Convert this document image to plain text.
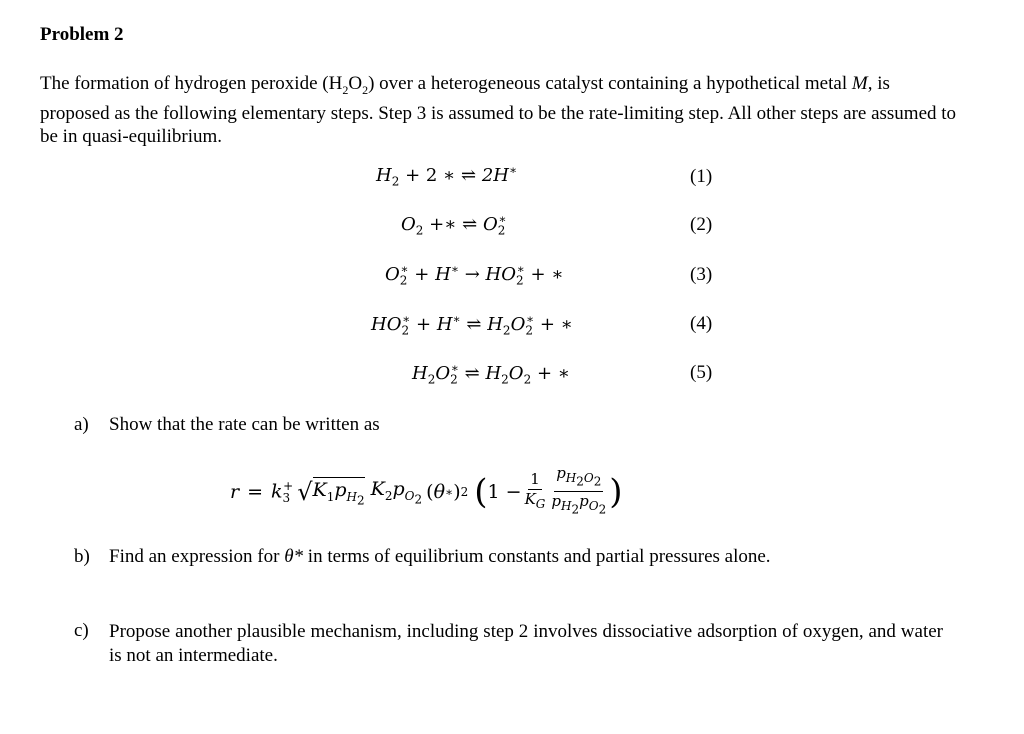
Problem 2
The formation of hydrogen peroxide $(H_2O_2)$ over a heterogeneous catalyst containing a hypothetical metal M, is proposed as the following elementary steps. Step 3 is assumed to be the rate-limiting step. All other steps are assumed to be in quasi-equilibrium.
$H_2 + 2$ ∗ ⇌ 2H∗	(1)
$O_2$ +∗ ⇌ $O_2^∗$	(2)
$O_2^∗ + H^∗ \to HO_2^∗$ + ∗	(3)
$HO_2^∗ + H^∗$ ⇌ $H_2O_2^∗$ + ∗	(4)
$H_2O_2^∗$ ⇌ $H_2O_2$ + ∗	(5)
a) Show that the rate can be written as
$r = k_3^+$ √ $K_1p_{H_2}$
$K_2p_{O_2}$ ( θ ∗ ) 2 ( $1 - \frac{1}{K_G} \frac{p_{H_2O_2}}{p_{H_2}p_{O_2}}$ )
b) Find an expression for θ* in terms of equilibrium constants and partial pressures alone.
c) Propose another plausible mechanism, including step 2 involves dissociative adsorption of oxygen, and water is not an intermediate.
